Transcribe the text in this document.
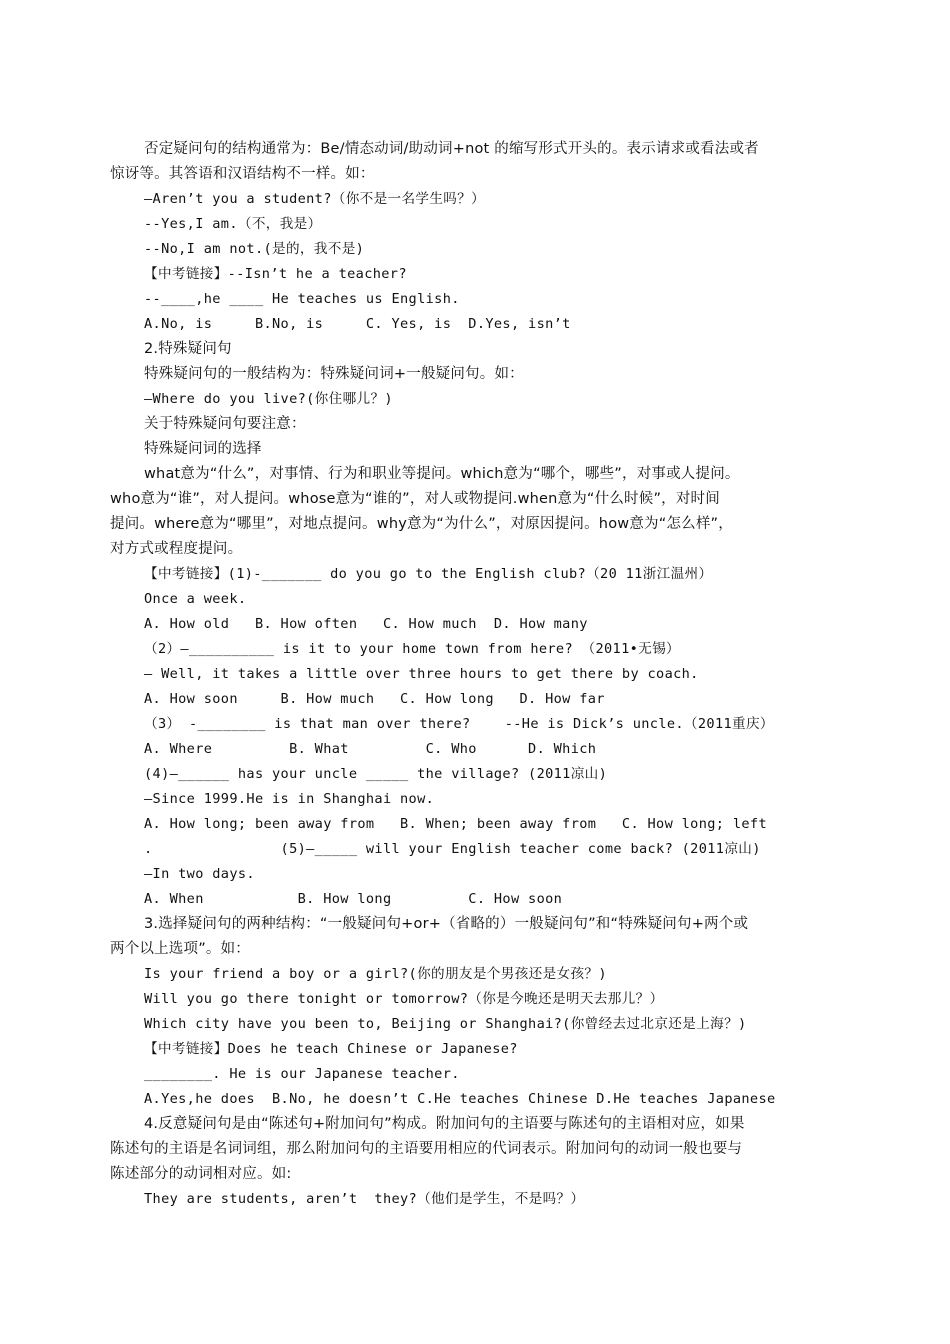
否定疑问句的结构通常为：Be/情态动词/助动词+not 的缩写形式开头的。表示请求或看法或者
惊讶等。其答语和汉语结构不一样。如：
—Aren’t you a student?（你不是一名学生吗？）
--Yes,I am.（不，我是）
--No,I am not.(是的，我不是)
【中考链接】--Isn’t he a teacher?
--____,he ____ He teaches us English.
A.No, is     B.No, is     C. Yes, is  D.Yes, isn’t
2.特殊疑问句
特殊疑问句的一般结构为：特殊疑问词+一般疑问句。如：
—Where do you live?(你住哪儿？)
关于特殊疑问句要注意：
特殊疑问词的选择
what意为“什么”，对事情、行为和职业等提问。which意为“哪个，哪些”，对事或人提问。
who意为“谁”，对人提问。whose意为“谁的”，对人或物提问.when意为“什么时候”，对时间
提问。where意为“哪里”，对地点提问。why意为“为什么”，对原因提问。how意为“怎么样”，
对方式或程度提问。
【中考链接】(1)-_______ do you go to the English club?（20 11浙江温州）
Once a week.
A. How old   B. How often   C. How much  D. How many
（2）—__________ is it to your home town from here? （2011•无锡）
— Well, it takes a little over three hours to get there by coach.
A. How soon     B. How much   C. How long   D. How far
（3） -________ is that man over there?    --He is Dick’s uncle.（2011重庆）
A. Where         B. What         C. Who      D. Which
(4)—______ has your uncle _____ the village? (2011凉山)
—Since 1999.He is in Shanghai now.
A. How long; been away from   B. When; been away from   C. How long; left
.               (5)—_____ will your English teacher come back? (2011凉山)
—In two days.
A. When           B. How long         C. How soon
3.选择疑问句的两种结构：“一般疑问句+or+（省略的）一般疑问句”和“特殊疑问句+两个或
两个以上选项”。如：
Is your friend a boy or a girl?(你的朋友是个男孩还是女孩？)
Will you go there tonight or tomorrow?（你是今晚还是明天去那儿？）
Which city have you been to, Beijing or Shanghai?(你曾经去过北京还是上海？)
【中考链接】Does he teach Chinese or Japanese?
________. He is our Japanese teacher.
A.Yes,he does  B.No, he doesn’t C.He teaches Chinese D.He teaches Japanese
4.反意疑问句是由“陈述句+附加问句”构成。附加问句的主语要与陈述句的主语相对应，如果
陈述句的主语是名词词组，那么附加问句的主语要用相应的代词表示。附加问句的动词一般也要与
陈述部分的动词相对应。如:
They are students, aren’t  they?（他们是学生，不是吗？）
